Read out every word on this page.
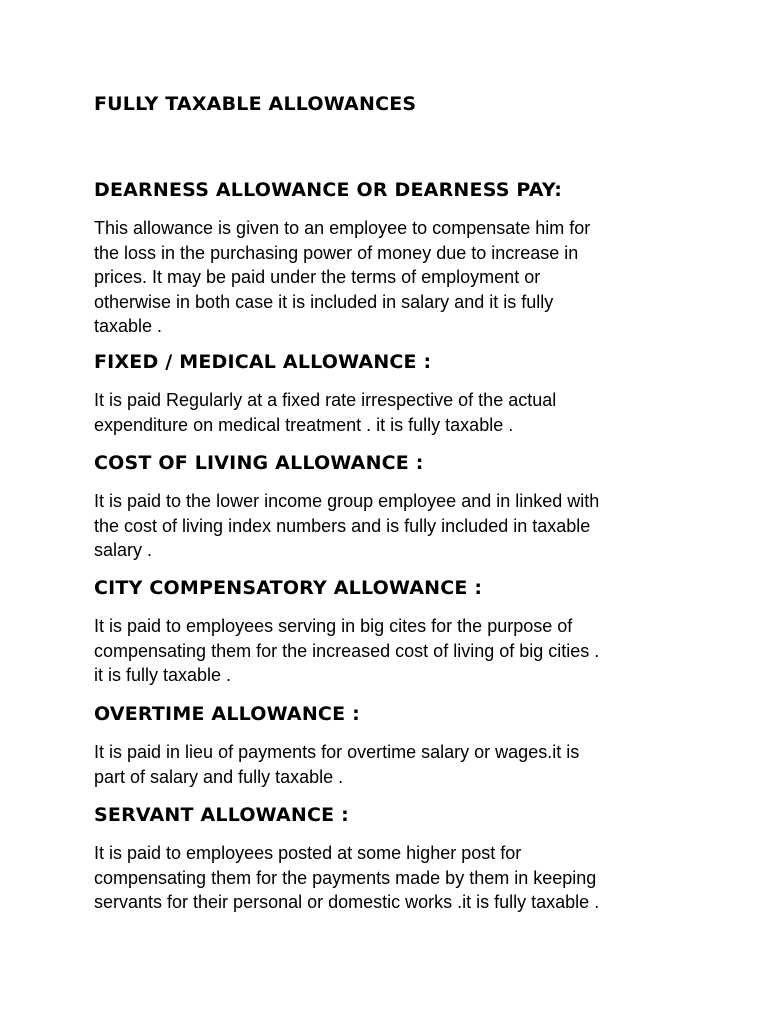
FULLY TAXABLE ALLOWANCES
DEARNESS ALLOWANCE OR DEARNESS PAY:

This allowance is given to an employee to compensate him for
the loss in the purchasing power of money due to increase in
prices. It may be paid under the terms of employment or
otherwise in both case it is included in salary and it is fully
taxable .

FIXED / MEDICAL ALLOWANCE :

It is paid Regularly at a fixed rate irrespective of the actual
expenditure on medical treatment . it is fully taxable .

COST OF LIVING ALLOWANCE :

It is paid to the lower income group employee and in linked with
the cost of living index numbers and is fully included in taxable
salary .

CITY COMPENSATORY ALLOWANCE :

It is paid to employees serving in big cites for the purpose of
compensating them for the increased cost of living of big cities .
it is fully taxable .

OVERTIME ALLOWANCE :

It is paid in lieu of payments for overtime salary or wages.it is
part of salary and fully taxable .

SERVANT ALLOWANCE :

It is paid to employees posted at some higher post for
compensating them for the payments made by them in keeping
servants for their personal or domestic works .it is fully taxable .
